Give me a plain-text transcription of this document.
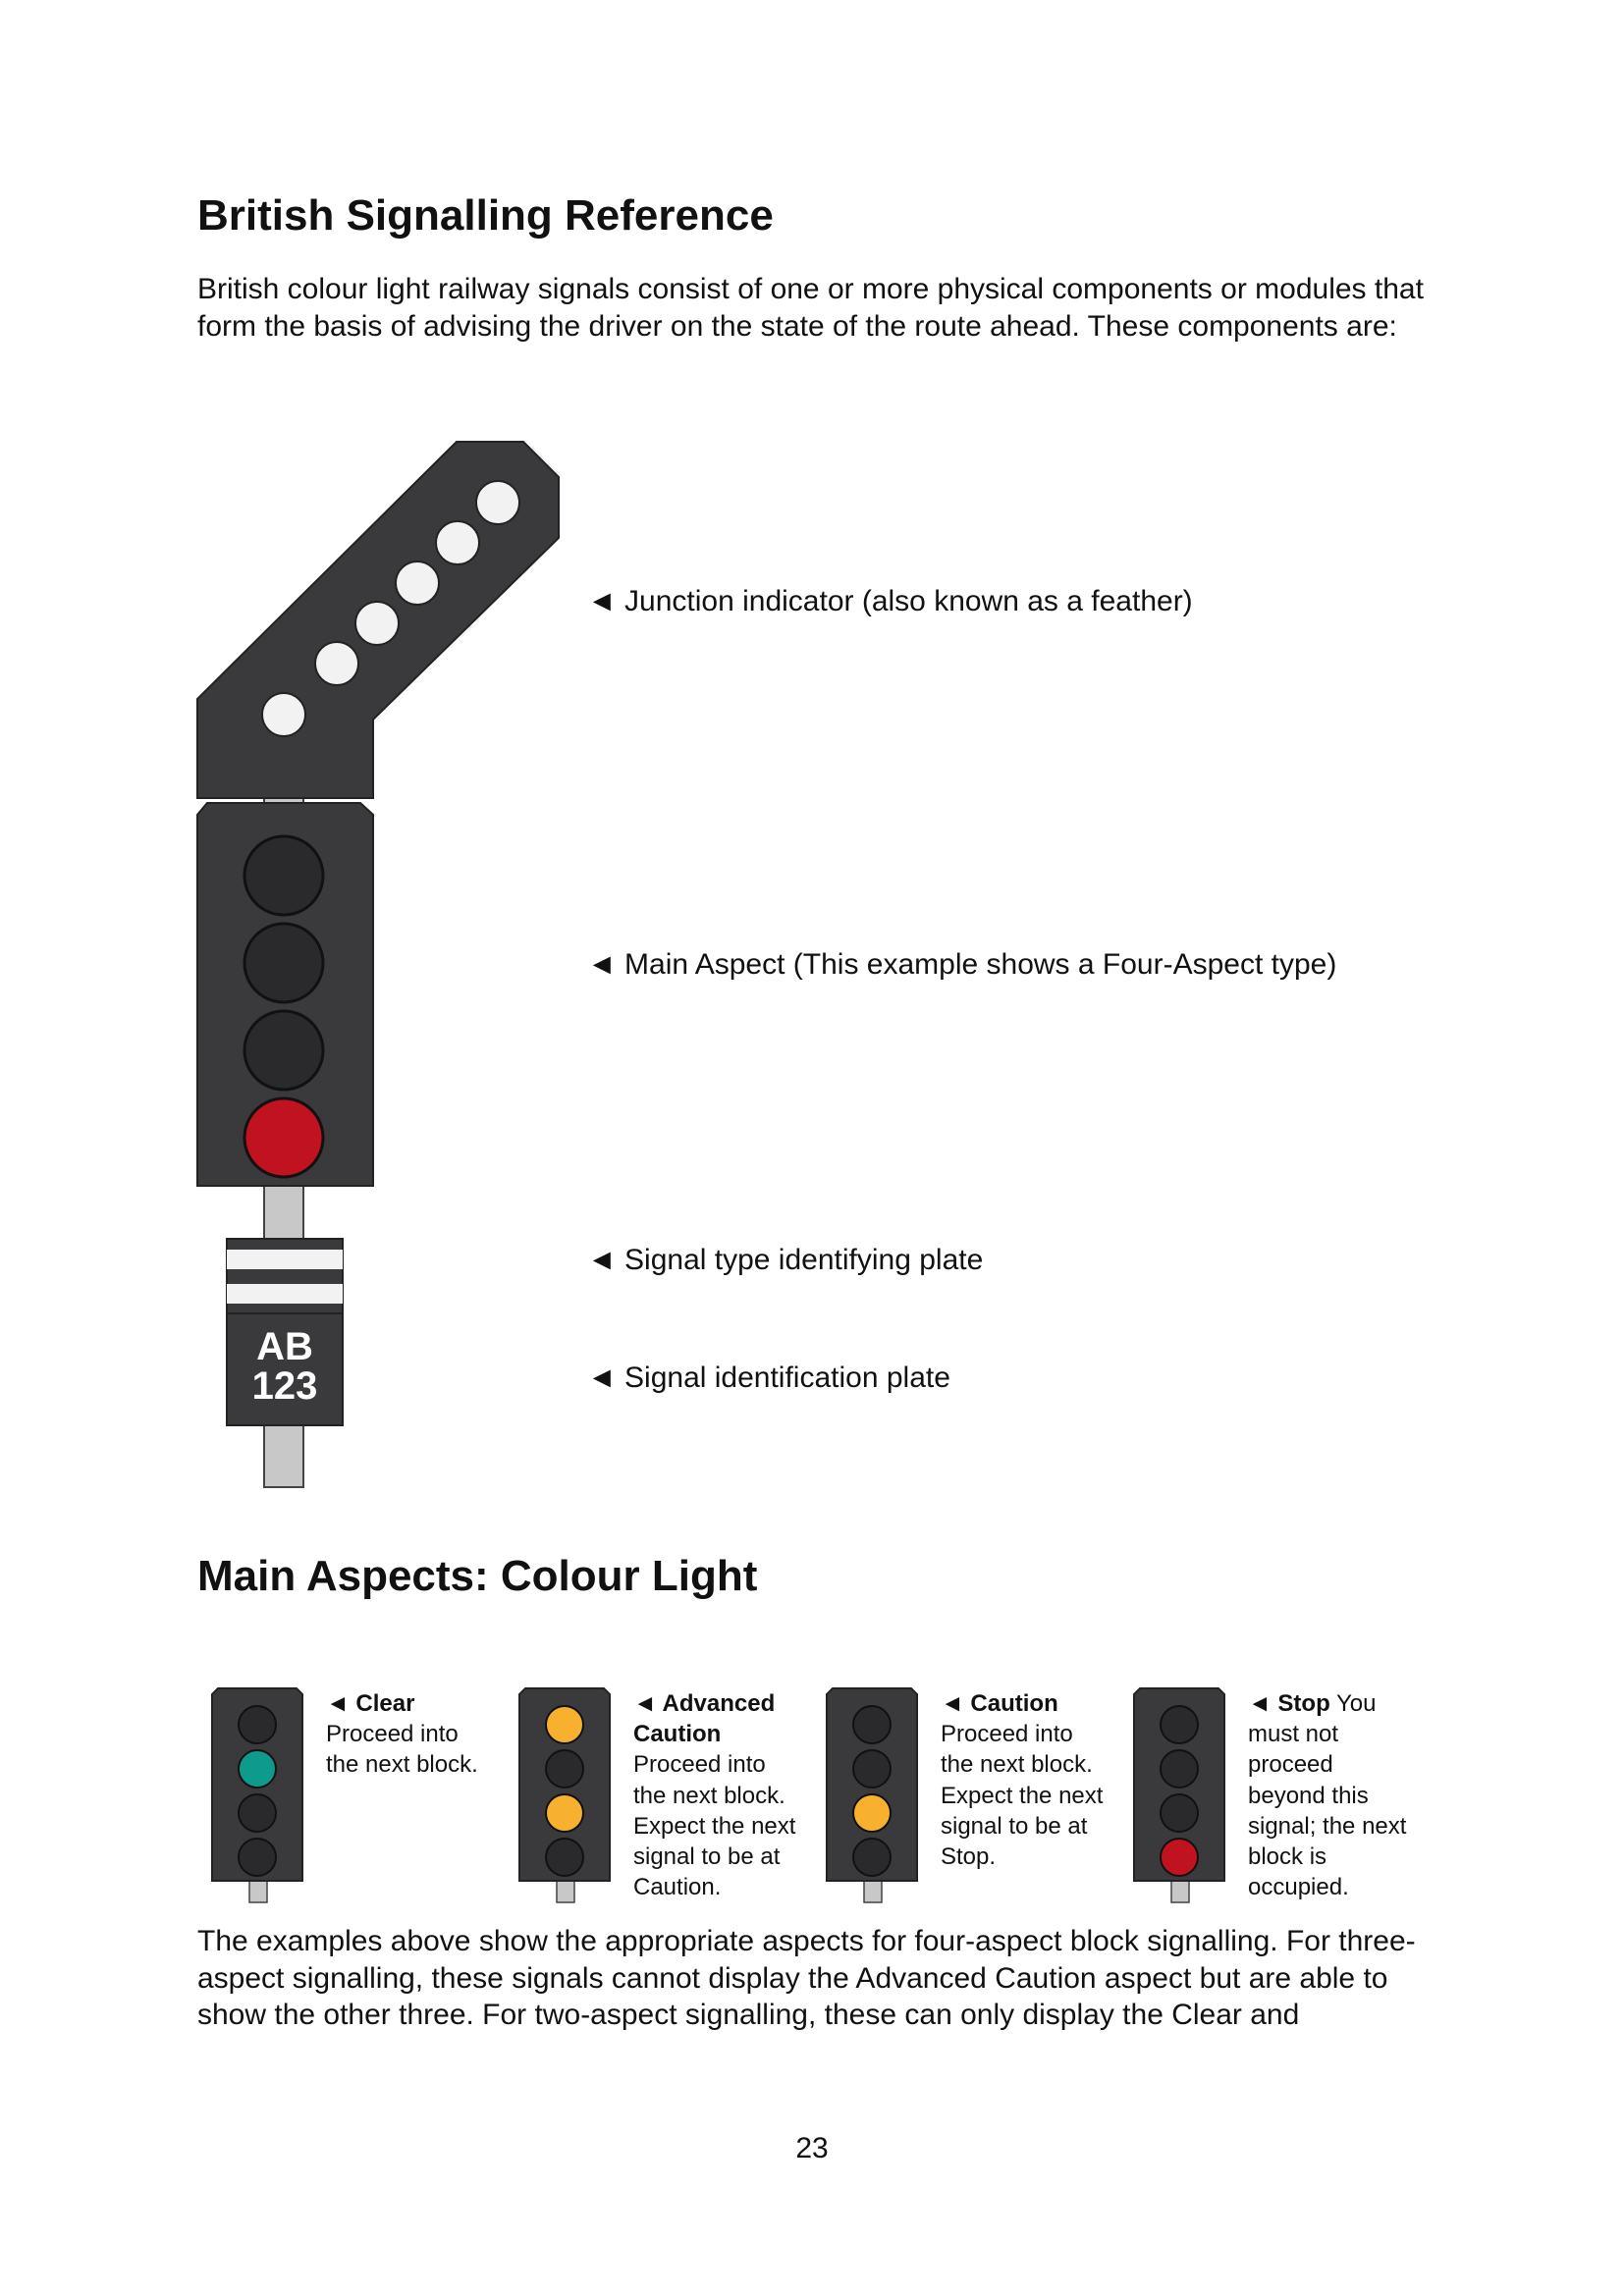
British Signalling Reference

British colour light railway signals consist of one or more physical components or modules that form the basis of advising the driver on the state of the route ahead. These components are:

AB
123
◄ Junction indicator (also known as a feather)
◄ Main Aspect (This example shows a Four-Aspect type)
◄ Signal type identifying plate
◄ Signal identification plate
Main Aspects: Colour Light
◄ Clear Proceed into the next block.
◄ Advanced Caution Proceed into the next block. Expect the next signal to be at Caution.
◄ Caution Proceed into the next block. Expect the next signal to be at Stop.
◄ Stop You must not proceed beyond this signal; the next block is occupied.

The examples above show the appropriate aspects for four-aspect block signalling. For three-aspect signalling, these signals cannot display the Advanced Caution aspect but are able to show the other three. For two-aspect signalling, these can only display the Clear and

23
